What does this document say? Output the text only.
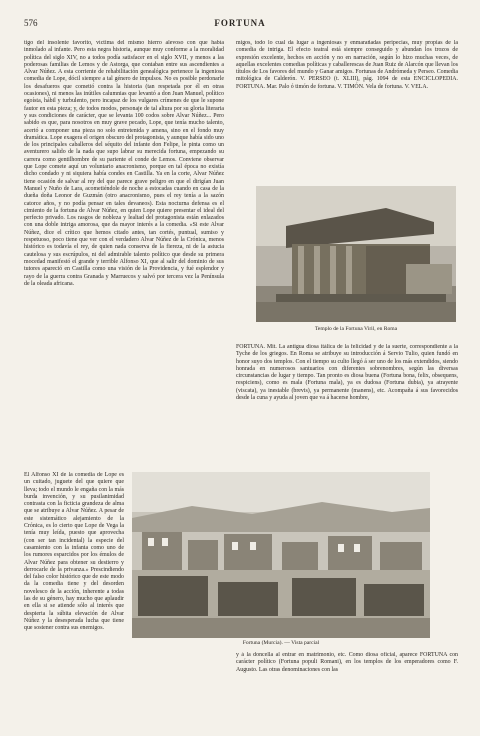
576	FORTUNA
tigo del insolente favorito, víctima del mismo hierro alevoso con que había inmolado al infante. Pero esta negra historia, aunque muy conforme a la moralidad política del siglo XIV, no a todos podía satisfacer en el siglo XVII, y menos a las poderosas familias de Lemos y de Astorga, que contaban entre sus ascendientes a Alvar Núñez. A esta corriente de rehabilitación genealógica pertenece la ingeniosa comedia de Lope, dócil siempre a tal género de impulsos. No es posible perdonarle los desafueros que cometió contra la historia (tan respetada por él en otras ocasiones), ni menos las inútiles calumnias que levantó a don Juan Manuel, político egoísta, hábil y turbulento, pero incapaz de los vulgares crímenes de que le supone fautor en esta pieza; y, de todos modos, personaje de tal altura por su gloria literaria y sus condiciones de carácter, que se levanta 100 codos sobre Alvar Núñez... Pero sabido es que, para nosotros en muy grave pecado, Lope, que tenía mucho talento, acertó a componer una pieza no solo entretenida y amena, sino en el fondo muy dramática. Lope exagera el origen obscuro del protagonista, y aunque había sido uno de los principales caballeros del séquito del infante don Felipe, le pinta como un aventurero salido de la nada que supo labrar su merecida fortuna, empezando su carrera como gentilhombre de su pariente el conde de Lemos. Conviene observar que Lope comete aquí un voluntario anacronismo, porque en tal época no existía dicho condado y ni siquiera había condes en Castilla. Ya en la corte, Alvar Núñez tiene ocasión de salvar al rey del que parece grave peligro en que el dirigían Juan Manuel y Nuño de Lara, acometiéndole de noche a estocadas cuando en casa de la dueña doña Leonor de Guzmán (otro anacronismo, pues el rey tenía a la sazón catorce años, y no podía pensar en tales devaneos). Esta nocturna defensa es el cimiento de la fortuna de Alvar Núñez, en quien Lope quiere presentar el ideal del perfecto privado. Los rasgos de nobleza y lealtad del protagonista están enlazados con una doble intriga amorosa, que da mayor interés a la comedia. «Si este Alvar Núñez, dice el crítico que hemos citado antes, tan cortés, puntual, sumiso y respetuoso, poco tiene que ver con el verdadero Alvar Núñez de la Crónica, menos histórico es todavía el rey, de quien nada conserva de la fiereza, ni de la astucia cautelosa y sus escrúpulos, ni del admirable talento político que desde su primera mocedad manifestó el grande y terrible Alfonso XI, que al salir del dominio de sus tutores apareció en Castilla como una visión de la Providencia, y fué esplendor y rayo de la guerra contra Granada y Marruecos y salvó por tercera vez la Península de la oleada africana.
migos, todo lo cual da lugar a ingeniosas y enmarañadas peripecias, muy propias de la comedia de intriga. El efecto teatral está siempre conseguido y abundan los trozos de expresión excelente, hechos en acción y no en narración, según lo hizo muchas veces, de aquellas excelentes comedias políticas y caballerescas de Juan Ruiz de Alarcón que llevan los títulos de Los favores del mundo y Ganar amigos. Fortunas de Andrómeda y Perseo. Comedia mitológica de Calderón. V. PERSEO (t. XLIII), pág. 1094 de esta ENCICLOPEDIA. FORTUNA. Mar. Palo ó timón de fortuna. V. TIMÓN. Vela de fortuna. V. VELA.
Templo de la Fortuna Viril, en Roma
FORTUNA. Mit. La antigua diosa itálica de la felicidad y de la suerte, correspondiente a la Tyche de los griegos. En Roma se atribuye su introducción á Servio Tulio, quien fundó en honor suyo dos templos. Con el tiempo su culto llegó á ser uno de los más extendidos, siendo honrada en numerosos santuarios con diferentes sobrenombres, según las diversas circunstancias de lugar y tiempo. Tan pronto es diosa buena (Fortuna bona, felix, obsequens, respiciens), como es mala (Fortuna mala), ya es dudosa (Fortuna dubia), ya atrayente (viscata), ya inestable (brevis), ya permanente (manens), etc. Acompaña á sus favorecidos desde la cuna y ayuda al joven que va á hacerse hombre,
El Alfonso XI de la comedia de Lope es un cuitado, juguete del que quiere que lleva; todo el mundo le engaña con la más burda invención, y su pusilanimidad contrasta con la ficticia grandeza de alma que se atribuye a Alvar Núñez. A pesar de este sistemático alejamiento de la Crónica, es lo cierto que Lope de Vega la tenía muy leída, puesto que aprovecha (con ser tan incidental) la especie del casamiento con la infanta como uno de los rumores esparcidos por los émulos de Alvar Núñez para obtener su destierro y derrocarle de la privanza.» Prescindiendo del falso color histórico que de este modo da la comedia tiene y del desorden novelesco de la acción, inherente a todas las de su género, hay mucho que aplaudir en ella si se atiende sólo al interés que despierta la súbita elevación de Alvar Núñez y la desesperada lucha que tiene que sostener contra sus enemigos.
Fortuna (Murcia). — Vista parcial
y á la doncella al entrar en matrimonio, etc. Como diosa oficial, aparece FORTUNA con carácter político (Fortuna populi Romani), en los templos de los emperadores como F. Augusto. Las otras denominaciones con las
